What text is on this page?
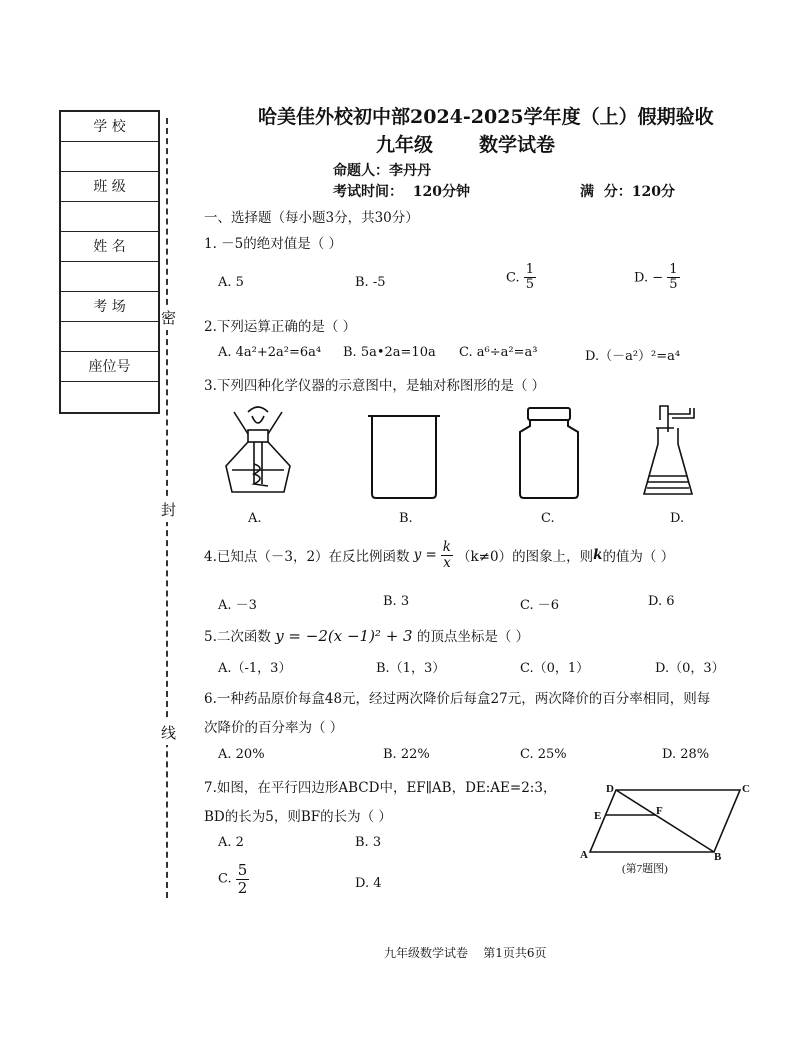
学 校
班 级
姓 名
考 场
座位号
密
封
线
哈美佳外校初中部2024-2025学年度（上）假期验收
九年级 数学试卷
命题人：李丹丹
考试时间：  120分钟	满  分：120分
一、选择题（每小题3分，共30分）
1. －5的绝对值是（ ）
A. 5	B. -5	C. $\frac{1}{5}$	D. − $\frac{1}{5}$
2.下列运算正确的是（ ）
A. 4a²+2a²=6a⁴ B. 5a•2a=10a C. a⁶÷a²=a³	D.（－a²）²=a⁴
3.下列四种化学仪器的示意图中，是轴对称图形的是（ ）
A.	B.	C.	D.
4.已知点（－3，2）在反比例函数 $y = \frac{k}{x} (k\ne 0)$的图象上，则 k 的值为（ ）
A. －3	B. 3	C. －6	D. 6
5.二次函数 y = −2(x −1)² + 3 的顶点坐标是（ ）
A.（-1，3）	B.（1，3）	C.（0，1）	D.（0，3）
6.一种药品原价每盒48元，经过两次降价后每盒27元，两次降价的百分率相同，则每
次降价的百分率为（ ）
A. 20%	B. 22%	C. 25%	D. 28%
7.如图，在平行四边形ABCD中，EF∥AB，DE:AE=2:3，
BD的长为5，则BF的长为（ ）
A. 2	B. 3
C. $\frac{5}{2}$	D. 4
A	B
C
D
E	F
(第7题图)
九年级数学试卷    第1页共6页
